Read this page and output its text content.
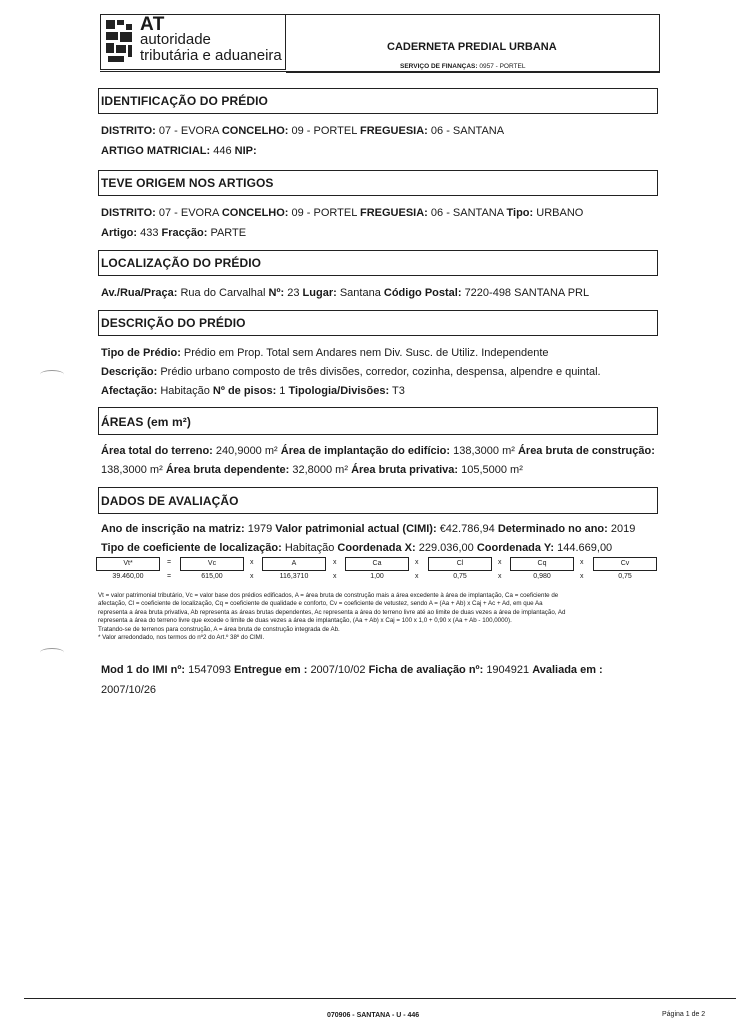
AT
autoridade
tributária e aduaneira	CADERNETA PREDIAL URBANA
SERVIÇO DE FINANÇAS: 0957 - PORTEL
IDENTIFICAÇÃO DO PRÉDIO
DISTRITO: 07 - EVORA CONCELHO: 09 - PORTEL FREGUESIA: 06 - SANTANA
ARTIGO MATRICIAL: 446 NIP:
TEVE ORIGEM NOS ARTIGOS
DISTRITO: 07 - EVORA CONCELHO: 09 - PORTEL FREGUESIA: 06 - SANTANA Tipo: URBANO
Artigo: 433 Fracção: PARTE
LOCALIZAÇÃO DO PRÉDIO
Av./Rua/Praça: Rua do Carvalhal Nº: 23 Lugar: Santana Código Postal: 7220-498 SANTANA PRL
DESCRIÇÃO DO PRÉDIO
Tipo de Prédio: Prédio em Prop. Total sem Andares nem Div. Susc. de Utiliz. Independente
Descrição: Prédio urbano composto de três divisões, corredor, cozinha, despensa, alpendre e quintal.
Afectação: Habitação Nº de pisos: 1 Tipologia/Divisões: T3
ÁREAS (em m²)
Área total do terreno: 240,9000 m² Área de implantação do edifício: 138,3000 m² Área bruta de construção:
138,3000 m² Área bruta dependente: 32,8000 m² Área bruta privativa: 105,5000 m²
DADOS DE AVALIAÇÃO
Ano de inscrição na matriz: 1979 Valor patrimonial actual (CIMI): €42.786,94 Determinado no ano: 2019
Tipo de coeficiente de localização: Habitação Coordenada X: 229.036,00 Coordenada Y: 144.669,00
Vt*	Vc	A	Ca	Cl	Cq	Cv
=	x	x	x	x	x
39.460,00	615,00	116,3710	1,00	0,75	0,980	0,75
=	x	x	x	x	x

Vt = valor patrimonial tributário, Vc = valor base dos prédios edificados, A = área bruta de construção mais a área excedente à área de implantação, Ca = coeficiente de

afectação, Cl = coeficiente de localização, Cq = coeficiente de qualidade e conforto, Cv = coeficiente de vetustez, sendo A = (Aa + Ab) x Caj + Ac + Ad, em que Aa

representa a área bruta privativa, Ab representa as áreas brutas dependentes, Ac representa a área do terreno livre até ao limite de duas vezes a área de implantação, Ad

representa a área do terreno livre que excede o limite de duas vezes a área de implantação, (Aa + Ab) x Caj = 100 x 1,0 + 0,90 x (Aa + Ab - 100,0000).

Tratando-se de terrenos para construção, A = área bruta de construção integrada de Ab.

* Valor arredondado, nos termos do nº2 do Art.º 38º do CIMI.

Mod 1 do IMI nº: 1547093 Entregue em : 2007/10/02 Ficha de avaliação nº: 1904921 Avaliada em :
2007/10/26
070906 - SANTANA - U - 446	Página 1 de 2
